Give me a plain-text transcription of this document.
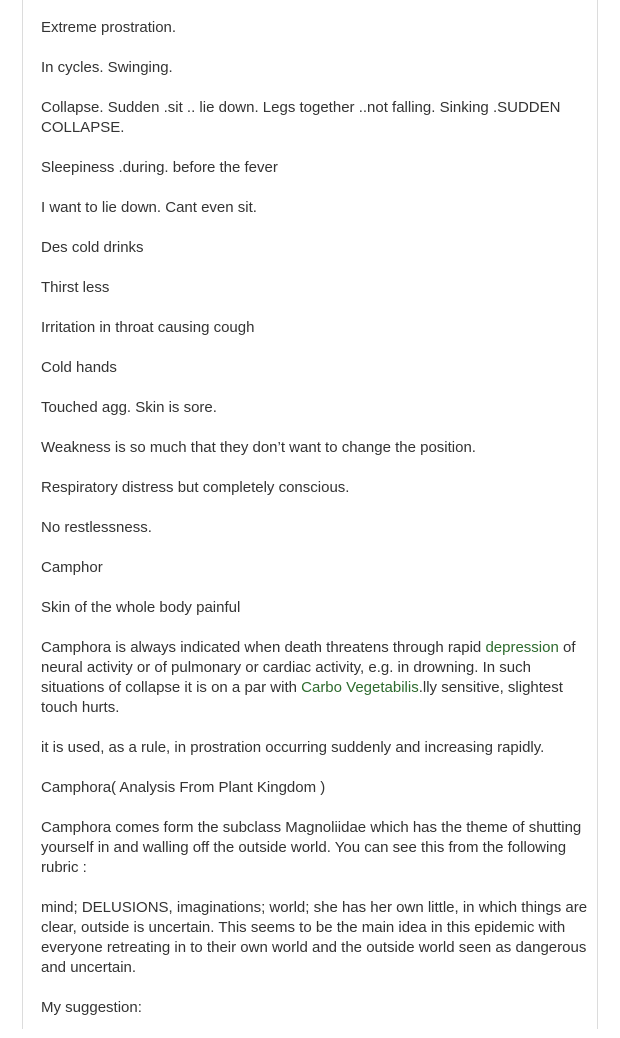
Extreme prostration.

In cycles. Swinging.

Collapse. Sudden .sit .. lie down. Legs together ..not falling. Sinking .SUDDEN COLLAPSE.

Sleepiness .during. before the fever

I want to lie down. Cant even sit.

Des cold drinks

Thirst less

Irritation in throat causing cough

Cold hands

Touched agg. Skin is sore.

Weakness is so much that they don’t want to change the position.

Respiratory distress but completely conscious.

No restlessness.

Camphor

Skin of the whole body painful

Camphora is always indicated when death threatens through rapid depression of neural activity or of pulmonary or cardiac activity, e.g. in drowning. In such situations of collapse it is on a par with Carbo Vegetabilis.lly sensitive, slightest touch hurts.

it is used, as a rule, in prostration occurring suddenly and increasing rapidly.

Camphora( Analysis From Plant Kingdom )

Camphora comes form the subclass Magnoliidae which has the theme of shutting yourself in and walling off the outside world. You can see this from the following rubric :

mind; DELUSIONS, imaginations; world; she has her own little, in which things are clear, outside is uncertain. This seems to be the main idea in this epidemic with everyone retreating in to their own world and the outside world seen as dangerous and uncertain.

My suggestion:
